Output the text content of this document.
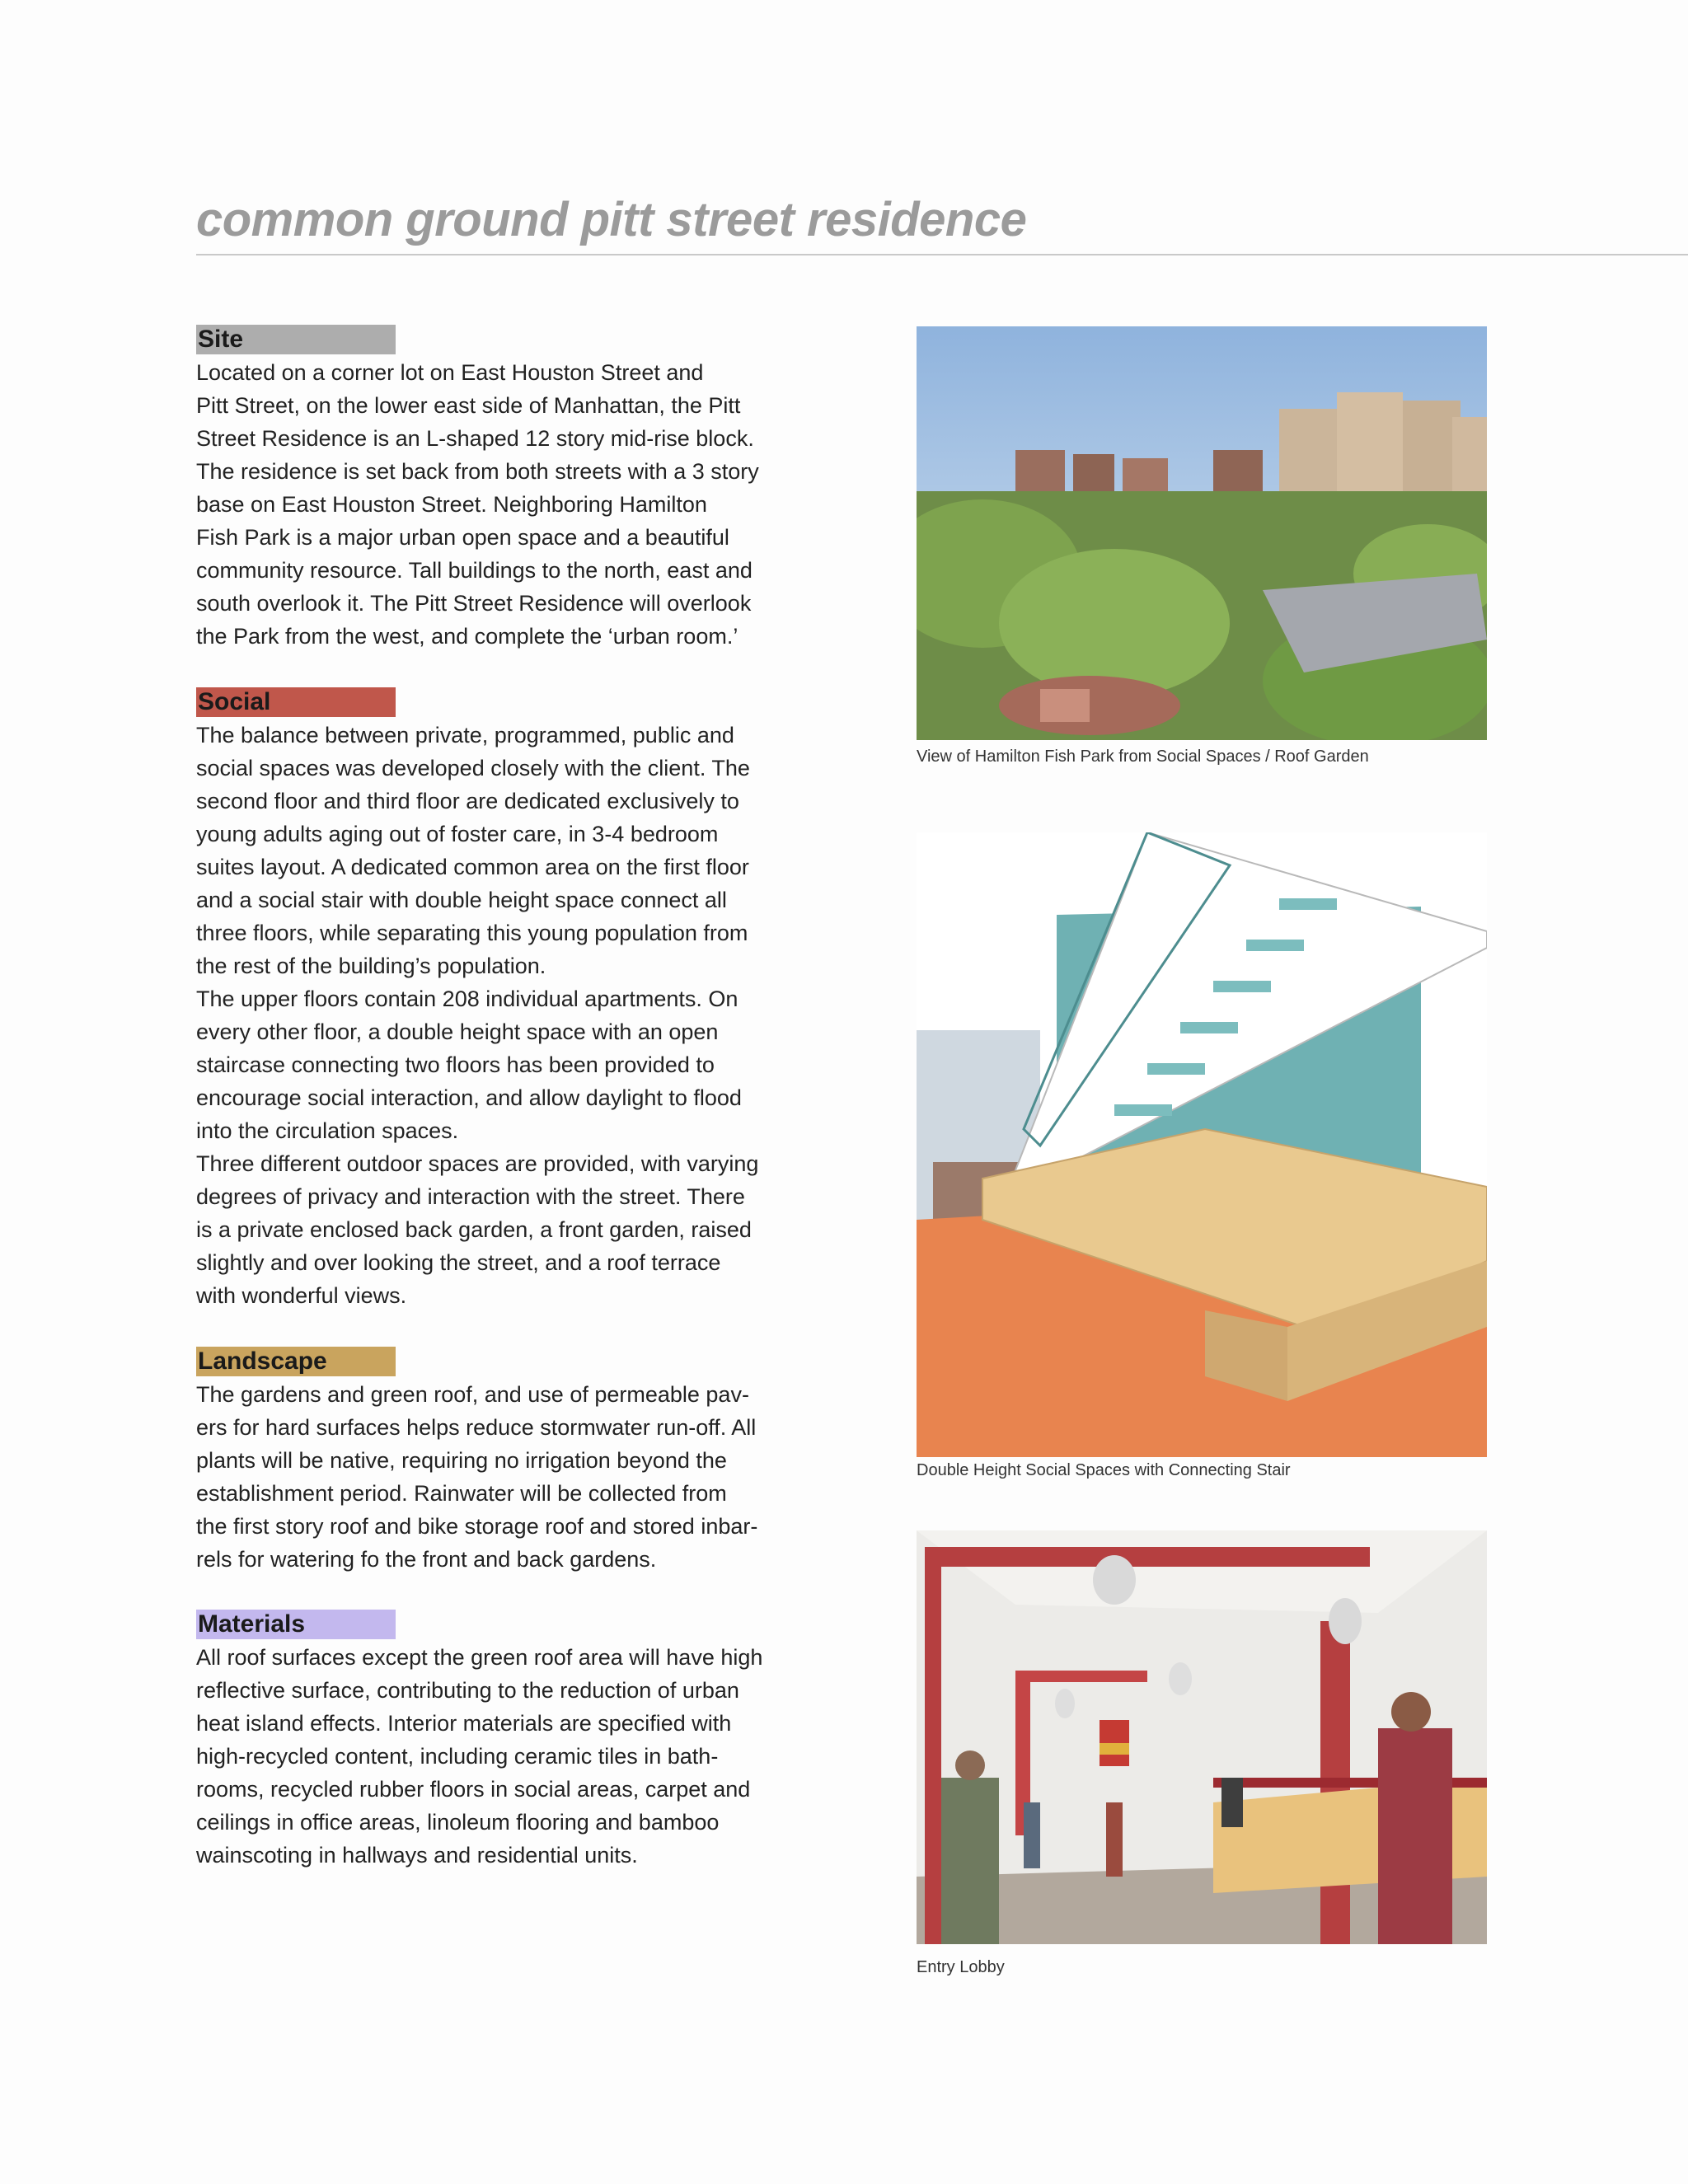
common ground pitt street residence
Site

Located on a corner lot on East Houston Street and
Pitt Street, on the lower east side of Manhattan, the Pitt
Street Residence is an L-shaped 12 story mid-rise block.
The residence is set back from both streets with a 3 story
base on East Houston Street. Neighboring Hamilton
Fish Park is a major urban open space and a beautiful
community resource. Tall buildings to the north, east and
south overlook it. The Pitt Street Residence will overlook
the Park from the west, and complete the ‘urban room.’

Social

The balance between private, programmed, public and
social spaces was developed closely with the client. The
second floor and third floor are dedicated exclusively to
young adults aging out of foster care, in 3-4 bedroom
suites layout. A dedicated common area on the first floor
and a social stair with double height space connect all
three floors, while separating this young population from
the rest of the building’s population.
The upper floors contain 208 individual apartments. On
every other floor, a double height space with an open
staircase connecting two floors has been provided to
encourage social interaction, and allow daylight to flood
into the circulation spaces.
Three different outdoor spaces are provided, with varying
degrees of privacy and interaction with the street. There
is a private enclosed back garden, a front garden, raised
slightly and over looking the street, and a roof terrace
with wonderful views.

Landscape

The gardens and green roof, and use of permeable pav-
ers for hard surfaces helps reduce stormwater run-off. All
plants will be native, requiring no irrigation beyond the
establishment period. Rainwater will be collected from
the first story roof and bike storage roof and stored inbar-
rels for watering fo the front and back gardens.

Materials

All roof surfaces except the green roof area will have high
reflective surface, contributing to the reduction of urban
heat island effects. Interior materials are specified with
high-recycled content, including ceramic tiles in bath-
rooms, recycled rubber floors in social areas, carpet and
ceilings in office areas, linoleum flooring and bamboo
wainscoting in hallways and residential units.

View of Hamilton Fish Park from Social Spaces / Roof Garden

Double Height Social Spaces with Connecting Stair

Entry Lobby
